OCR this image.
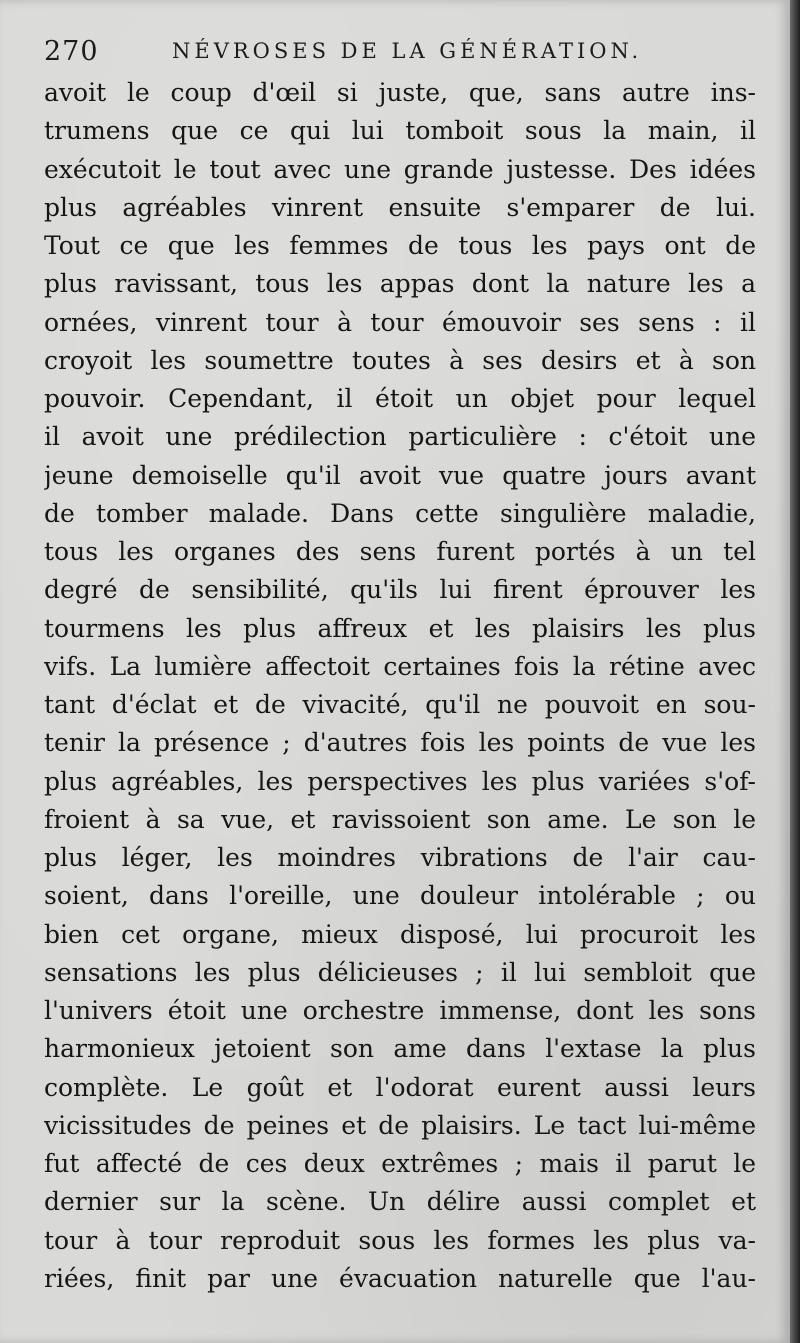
270	NÉVROSES DE LA GÉNÉRATION.
avoit le coup d'œil si juste, que, sans autre ins-
trumens que ce qui lui tomboit sous la main, il
exécutoit le tout avec une grande justesse. Des idées
plus agréables vinrent ensuite s'emparer de lui.
Tout ce que les femmes de tous les pays ont de
plus ravissant, tous les appas dont la nature les a
ornées, vinrent tour à tour émouvoir ses sens : il
croyoit les soumettre toutes à ses desirs et à son
pouvoir. Cependant, il étoit un objet pour lequel
il avoit une prédilection particulière : c'étoit une
jeune demoiselle qu'il avoit vue quatre jours avant
de tomber malade. Dans cette singulière maladie,
tous les organes des sens furent portés à un tel
degré de sensibilité, qu'ils lui firent éprouver les
tourmens les plus affreux et les plaisirs les plus
vifs. La lumière affectoit certaines fois la rétine avec
tant d'éclat et de vivacité, qu'il ne pouvoit en sou-
tenir la présence ; d'autres fois les points de vue les
plus agréables, les perspectives les plus variées s'of-
froient à sa vue, et ravissoient son ame. Le son le
plus léger, les moindres vibrations de l'air cau-
soient, dans l'oreille, une douleur intolérable ; ou
bien cet organe, mieux disposé, lui procuroit les
sensations les plus délicieuses ; il lui sembloit que
l'univers étoit une orchestre immense, dont les sons
harmonieux jetoient son ame dans l'extase la plus
complète. Le goût et l'odorat eurent aussi leurs
vicissitudes de peines et de plaisirs. Le tact lui-même
fut affecté de ces deux extrêmes ; mais il parut le
dernier sur la scène. Un délire aussi complet et
tour à tour reproduit sous les formes les plus va-
riées, finit par une évacuation naturelle que l'au-
